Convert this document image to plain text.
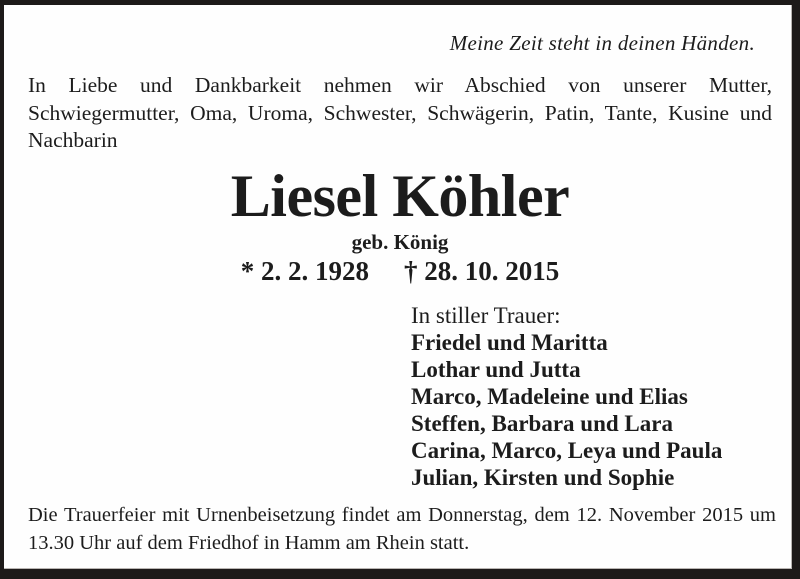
Meine Zeit steht in deinen Händen.
In Liebe und Dankbarkeit nehmen wir Abschied von unserer Mutter,
Schwiegermutter, Oma, Uroma, Schwester, Schwägerin, Patin, Tante, Kusine und
Nachbarin
Liesel Köhler
geb. König
* 2. 2. 1928 † 28. 10. 2015
In stiller Trauer:
Friedel und Maritta
Lothar und Jutta
Marco, Madeleine und Elias
Steffen, Barbara und Lara
Carina, Marco, Leya und Paula
Julian, Kirsten und Sophie
Die Trauerfeier mit Urnenbeisetzung findet am Donnerstag, dem 12. November 2015 um
13.30 Uhr auf dem Friedhof in Hamm am Rhein statt.
